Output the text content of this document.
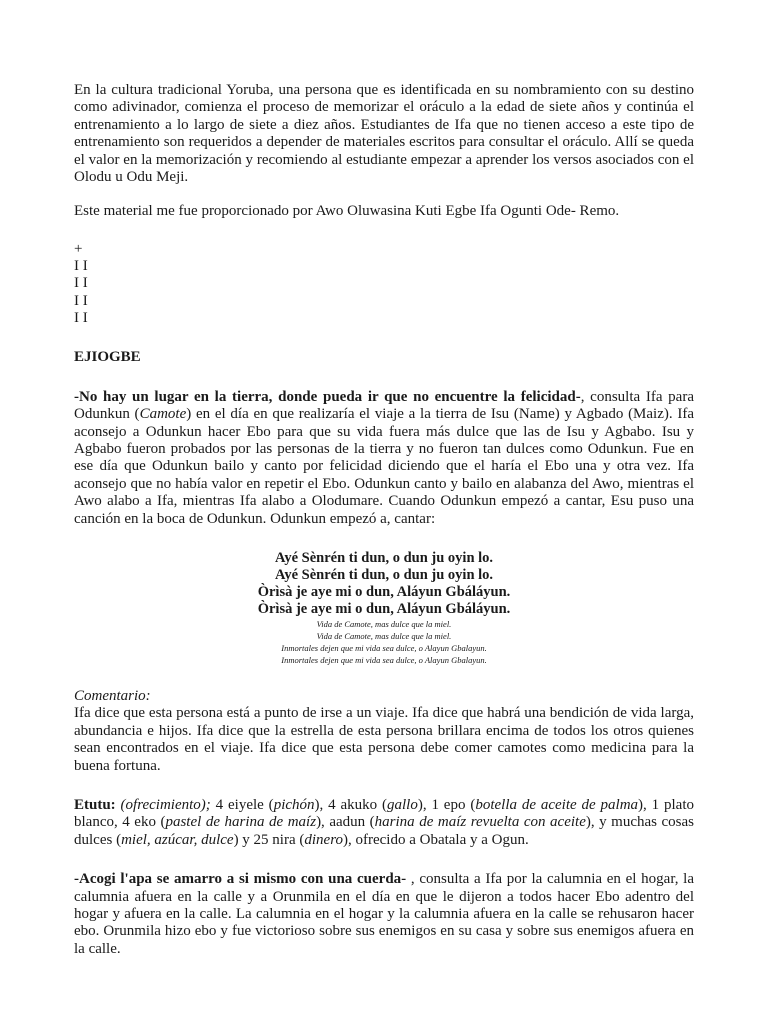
En la cultura tradicional Yoruba, una persona que es identificada en su nombramiento con su destino como adivinador, comienza el proceso de memorizar el oráculo a la edad de siete años y continúa el entrenamiento a lo largo de siete a diez años. Estudiantes de Ifa que no tienen acceso a este tipo de entrenamiento son requeridos a depender de materiales escritos para consultar el oráculo. Allí se queda el valor en la memorización y recomiendo al estudiante empezar a aprender los versos asociados con el Olodu u Odu Meji.

Este material me fue proporcionado por Awo Oluwasina Kuti Egbe Ifa Ogunti Ode- Remo.

+
I I
I I
I I
I I

EJIOGBE

-No hay un lugar en la tierra, donde pueda ir que no encuentre la felicidad-, consulta Ifa para Odunkun (Camote) en el día en que realizaría el viaje a la tierra de Isu (Name) y Agbado (Maiz). Ifa aconsejo a Odunkun hacer Ebo para que su vida fuera más dulce que las de Isu y Agbabo. Isu y Agbabo fueron probados por las personas de la tierra y no fueron tan dulces como Odunkun. Fue en ese día que Odunkun bailo y canto por felicidad diciendo que el haría el Ebo una y otra vez. Ifa aconsejo que no había valor en repetir el Ebo. Odunkun canto y bailo en alabanza del Awo, mientras el Awo alabo a Ifa, mientras Ifa alabo a Olodumare. Cuando Odunkun empezó a cantar, Esu puso una canción en la boca de Odunkun. Odunkun empezó a, cantar:

Ayé Sènrén ti dun, o dun ju oyin lo.
Ayé Sènrén ti dun, o dun ju oyin lo.
Òrìsà je aye mi o dun, Aláyun Gbáláyun.
Òrìsà je aye mi o dun, Aláyun Gbáláyun.
Vida de Camote, mas dulce que la miel.
Vida de Camote, mas dulce que la miel.
Inmortales dejen que mi vida sea dulce, o Alayun Gbalayun.
Inmortales dejen que mi vida sea dulce, o Alayun Gbalayun.

Comentario:

Ifa dice que esta persona está a punto de irse a un viaje. Ifa dice que habrá una bendición de vida larga, abundancia e hijos. Ifa dice que la estrella de esta persona brillara encima de todos los otros quienes sean encontrados en el viaje. Ifa dice que esta persona debe comer camotes como medicina para la buena fortuna.

Etutu: (ofrecimiento); 4 eiyele (pichón), 4 akuko (gallo), 1 epo (botella de aceite de palma), 1 plato blanco, 4 eko (pastel de harina de maíz), aadun (harina de maíz revuelta con aceite), y muchas cosas dulces (miel, azúcar, dulce) y 25 nira (dinero), ofrecido a Obatala y a Ogun.

-Acogi l'apa se amarro a si mismo con una cuerda- , consulta a Ifa por la calumnia en el hogar, la calumnia afuera en la calle y a Orunmila en el día en que le dijeron a todos hacer Ebo adentro del hogar y afuera en la calle. La calumnia en el hogar y la calumnia afuera en la calle se rehusaron hacer ebo. Orunmila hizo ebo y fue victorioso sobre sus enemigos en su casa y sobre sus enemigos afuera en la calle.
